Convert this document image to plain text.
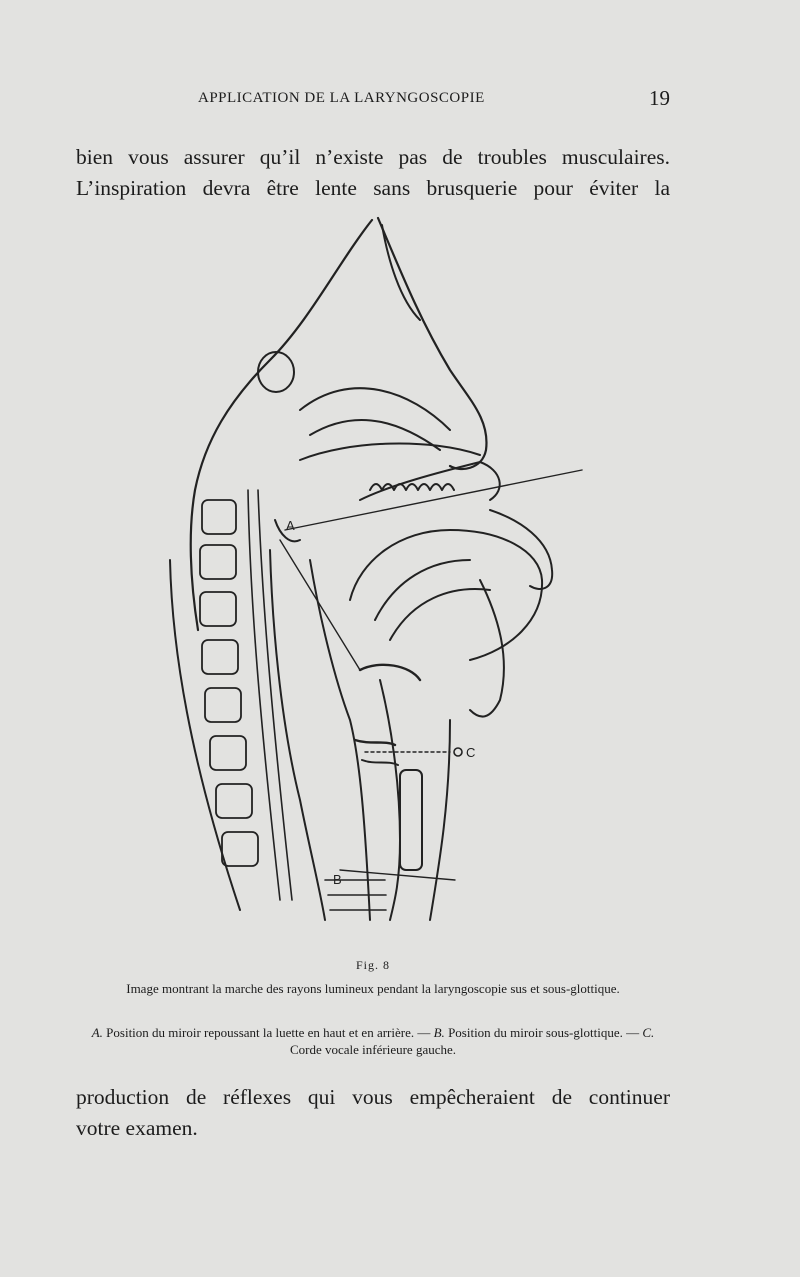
APPLICATION DE LA LARYNGOSCOPIE	19
bien vous assurer qu’il n’existe pas de troubles musculaires.
L’inspiration devra être lente sans brusquerie pour éviter la
A
B
C
Fig. 8
Image montrant la marche des rayons lumineux pendant la laryngoscopie sus et sous-glottique.
A. Position du miroir repoussant la luette en haut et en arrière. — B. Position du miroir sous-glottique. — C. Corde vocale inférieure gauche.
production de réflexes qui vous empêcheraient de continuer
votre examen.
